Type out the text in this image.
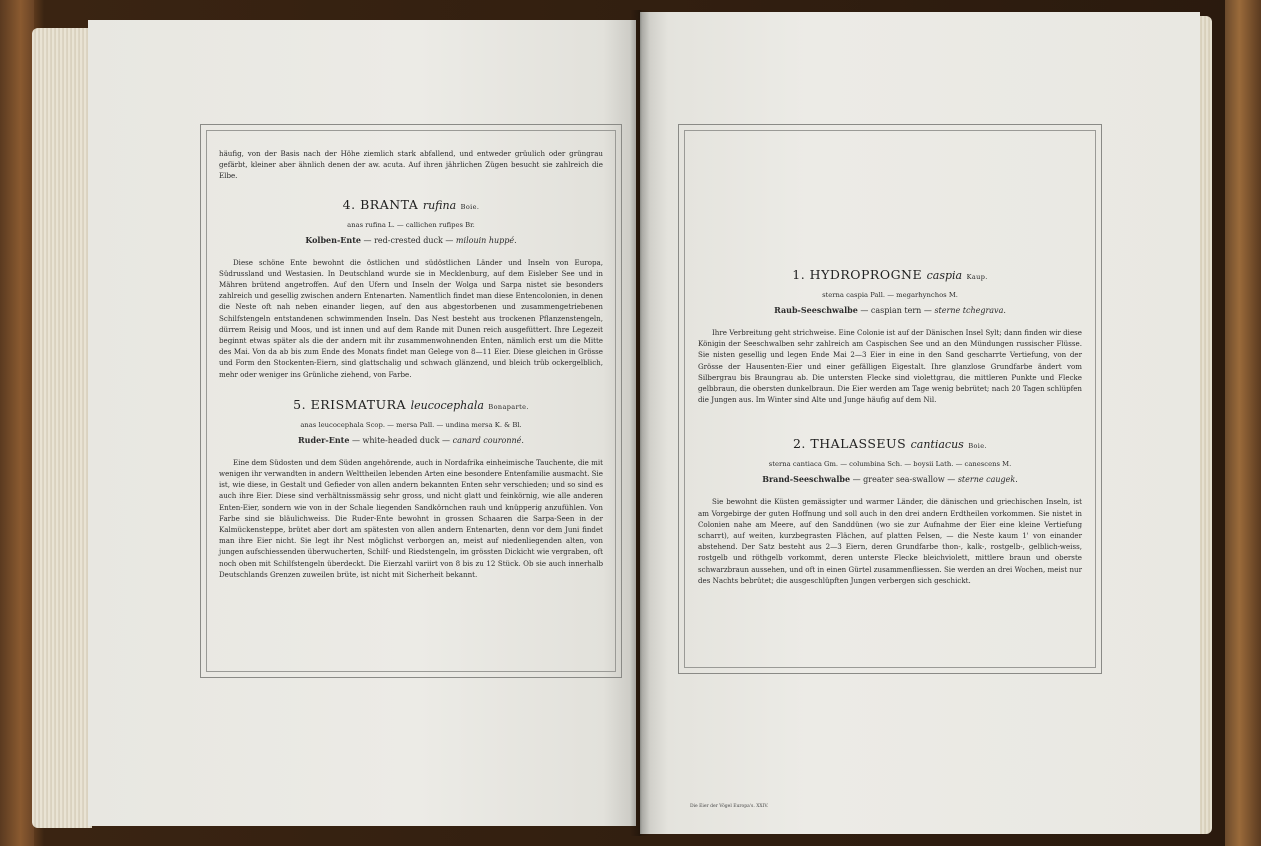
häufig, von der Basis nach der Höhe ziemlich stark abfallend, und entweder grüulich oder grüngrau gefärbt, kleiner aber ähnlich denen der aw. acuta. Auf ihren jährlichen Zügen besucht sie zahlreich die Elbe.

4. BRANTA rufina Boie.
anas rufina L. — callichen rufipes Br.
Kolben-Ente — red-crested duck — milouin huppé.

Diese schöne Ente bewohnt die östlichen und südöstlichen Länder und Inseln von Europa, Südrussland und Westasien. In Deutschland wurde sie in Mecklenburg, auf dem Eisleber See und in Mähren brütend angetroffen. Auf den Ufern und Inseln der Wolga und Sarpa nistet sie besonders zahlreich und gesellig zwischen andern Entenarten. Namentlich findet man diese Entencolonien, in denen die Neste oft nah neben einander liegen, auf den aus abgestorbenen und zusammengetriebenen Schilfstengeln entstandenen schwimmenden Inseln. Das Nest besteht aus trockenen Pflanzenstengeln, dürrem Reisig und Moos, und ist innen und auf dem Rande mit Dunen reich ausgefüttert. Ihre Legezeit beginnt etwas später als die der andern mit ihr zusammenwohnenden Enten, nämlich erst um die Mitte des Mai. Von da ab bis zum Ende des Monats findet man Gelege von 8—11 Eier. Diese gleichen in Grösse und Form den Stockenten-Eiern, sind glattschalig und schwach glänzend, und bleich trüb ockergelblich, mehr oder weniger ins Grünliche ziehend, von Farbe.

5. ERISMATURA leucocephala Bonaparte.
anas leucocephala Scop. — mersa Pall. — undina mersa K. & Bl.
Ruder-Ente — white-headed duck — canard couronné.

Eine dem Südosten und dem Süden angehörende, auch in Nordafrika einheimische Tauchente, die mit wenigen ihr verwandten in andern Welttheilen lebenden Arten eine besondere Entenfamilie ausmacht. Sie ist, wie diese, in Gestalt und Gefieder von allen andern bekannten Enten sehr verschieden; und so sind es auch ihre Eier. Diese sind verhältnissmässig sehr gross, und nicht glatt und feinkörnig, wie alle anderen Enten-Eier, sondern wie von in der Schale liegenden Sandkörnchen rauh und knüpperig anzufühlen. Von Farbe sind sie bläulichweiss. Die Ruder-Ente bewohnt in grossen Schaaren die Sarpa-Seen in der Kalmückensteppe, brütet aber dort am spätesten von allen andern Entenarten, denn vor dem Juni findet man ihre Eier nicht. Sie legt ihr Nest möglichst verborgen an, meist auf niedenliegenden alten, von jungen aufschiessenden überwucherten, Schilf- und Riedstengeln, im grössten Dickicht wie vergraben, oft noch oben mit Schilfstengeln überdeckt. Die Eierzahl variirt von 8 bis zu 12 Stück. Ob sie auch innerhalb Deutschlands Grenzen zuweilen brüte, ist nicht mit Sicherheit bekannt.

1. HYDROPROGNE caspia Kaup.
sterna caspia Pall. — megarhynchos M.
Raub-Seeschwalbe — caspian tern — sterne tchegrava.

Ihre Verbreitung geht strichweise. Eine Colonie ist auf der Dänischen Insel Sylt; dann finden wir diese Königin der Seeschwalben sehr zahlreich am Caspischen See und an den Mündungen russischer Flüsse. Sie nisten gesellig und legen Ende Mai 2—3 Eier in eine in den Sand gescharrte Vertiefung, von der Grösse der Hausenten-Eier und einer gefälligen Eigestalt. Ihre glanzlose Grundfarbe ändert vom Silbergrau bis Braungrau ab. Die untersten Flecke sind violettgrau, die mittleren Punkte und Flecke gelbbraun, die obersten dunkelbraun. Die Eier werden am Tage wenig bebrütet; nach 20 Tagen schlüpfen die Jungen aus. Im Winter sind Alte und Junge häufig auf dem Nil.

2. THALASSEUS cantiacus Boie.
sterna cantiaca Gm. — columbina Sch. — boysii Lath. — canescens M.
Brand-Seeschwalbe — greater sea-swallow — sterne caugek.

Sie bewohnt die Küsten gemässigter und warmer Länder, die dänischen und griechischen Inseln, ist am Vorgebirge der guten Hoffnung und soll auch in den drei andern Erdtheilen vorkommen. Sie nistet in Colonien nahe am Meere, auf den Sanddünen (wo sie zur Aufnahme der Eier eine kleine Vertiefung scharrt), auf weiten, kurzbegrasten Flächen, auf platten Felsen, — die Neste kaum 1' von einander abstehend. Der Satz besteht aus 2—3 Eiern, deren Grundfarbe thon-, kalk-, rostgelb-, gelblich-weiss, rostgelb und röthgelb vorkommt, deren unterste Flecke bleichviolett, mittlere braun und oberste schwarzbraun aussehen, und oft in einen Gürtel zusammenfliessen. Sie werden an drei Wochen, meist nur des Nachts bebrütet; die ausgeschlüpften Jungen verbergen sich geschickt.

Die Eier der Vögel Europa's. XXIV.
